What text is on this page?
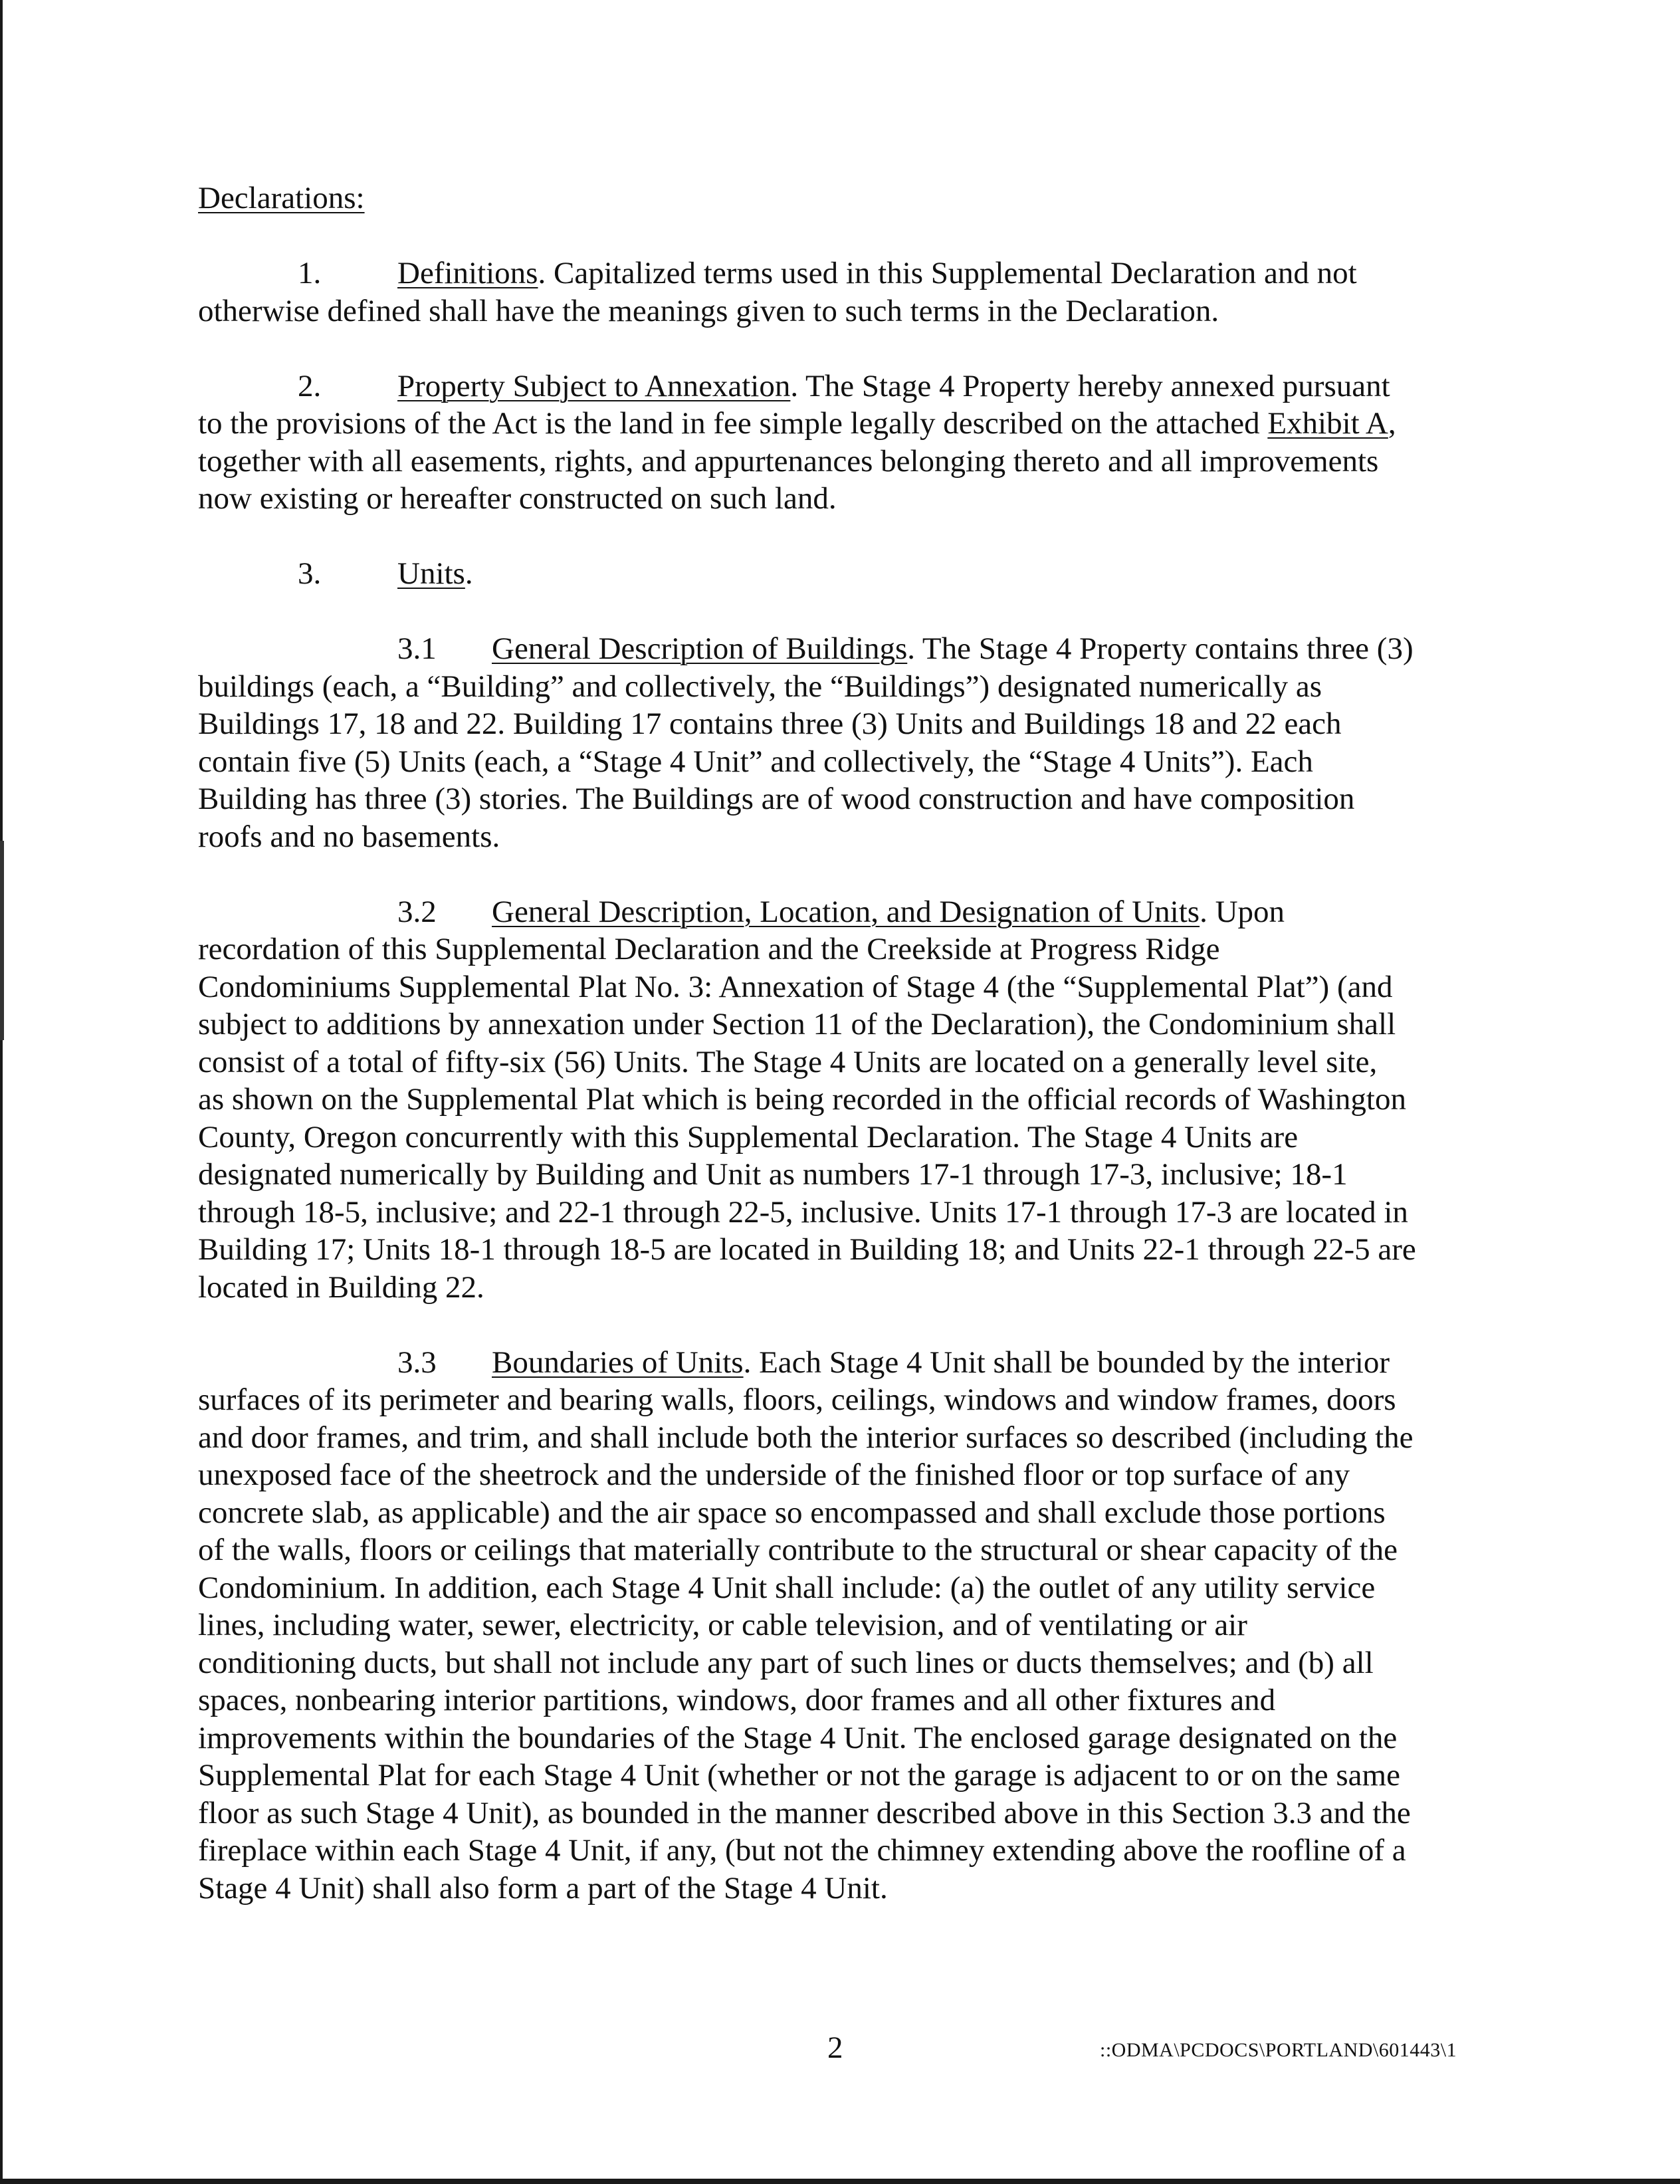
Declarations:
1. Definitions. Capitalized terms used in this Supplemental Declaration and not
otherwise defined shall have the meanings given to such terms in the Declaration.
2. Property Subject to Annexation. The Stage 4 Property hereby annexed pursuant
to the provisions of the Act is the land in fee simple legally described on the attached Exhibit A,
together with all easements, rights, and appurtenances belonging thereto and all improvements
now existing or hereafter constructed on such land.
3. Units.
3.1 General Description of Buildings. The Stage 4 Property contains three (3)
buildings (each, a “Building” and collectively, the “Buildings”) designated numerically as
Buildings 17, 18 and 22. Building 17 contains three (3) Units and Buildings 18 and 22 each
contain five (5) Units (each, a “Stage 4 Unit” and collectively, the “Stage 4 Units”). Each
Building has three (3) stories. The Buildings are of wood construction and have composition
roofs and no basements.
3.2 General Description, Location, and Designation of Units. Upon
recordation of this Supplemental Declaration and the Creekside at Progress Ridge
Condominiums Supplemental Plat No. 3: Annexation of Stage 4 (the “Supplemental Plat”) (and
subject to additions by annexation under Section 11 of the Declaration), the Condominium shall
consist of a total of fifty-six (56) Units. The Stage 4 Units are located on a generally level site,
as shown on the Supplemental Plat which is being recorded in the official records of Washington
County, Oregon concurrently with this Supplemental Declaration. The Stage 4 Units are
designated numerically by Building and Unit as numbers 17-1 through 17-3, inclusive; 18-1
through 18-5, inclusive; and 22-1 through 22-5, inclusive. Units 17-1 through 17-3 are located in
Building 17; Units 18-1 through 18-5 are located in Building 18; and Units 22-1 through 22-5 are
located in Building 22.
3.3 Boundaries of Units. Each Stage 4 Unit shall be bounded by the interior
surfaces of its perimeter and bearing walls, floors, ceilings, windows and window frames, doors
and door frames, and trim, and shall include both the interior surfaces so described (including the
unexposed face of the sheetrock and the underside of the finished floor or top surface of any
concrete slab, as applicable) and the air space so encompassed and shall exclude those portions
of the walls, floors or ceilings that materially contribute to the structural or shear capacity of the
Condominium. In addition, each Stage 4 Unit shall include: (a) the outlet of any utility service
lines, including water, sewer, electricity, or cable television, and of ventilating or air
conditioning ducts, but shall not include any part of such lines or ducts themselves; and (b) all
spaces, nonbearing interior partitions, windows, door frames and all other fixtures and
improvements within the boundaries of the Stage 4 Unit. The enclosed garage designated on the
Supplemental Plat for each Stage 4 Unit (whether or not the garage is adjacent to or on the same
floor as such Stage 4 Unit), as bounded in the manner described above in this Section 3.3 and the
fireplace within each Stage 4 Unit, if any, (but not the chimney extending above the roofline of a
Stage 4 Unit) shall also form a part of the Stage 4 Unit.
2	::ODMA\PCDOCS\PORTLAND\601443\1
